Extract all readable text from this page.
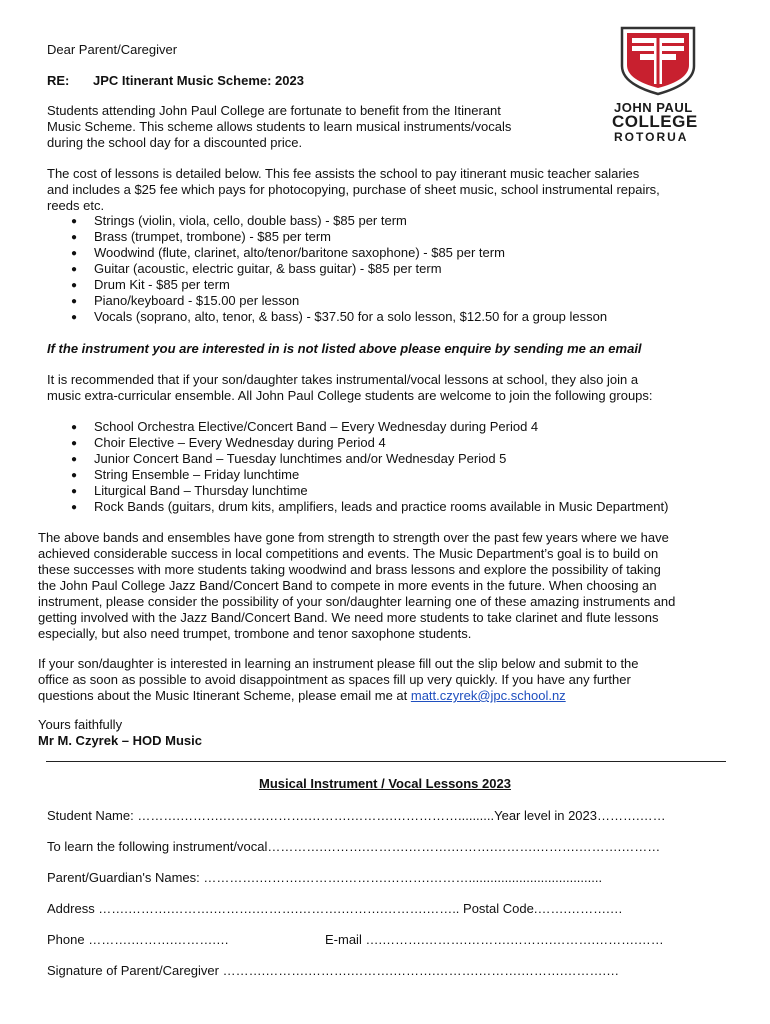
JOHN PAUL
COLLEGE
ROTORUA
Dear Parent/Caregiver
RE: JPC Itinerant Music Scheme: 2023
Students attending John Paul College are fortunate to benefit from the Itinerant
Music Scheme. This scheme allows students to learn musical instruments/vocals
during the school day for a discounted price.
The cost of lessons is detailed below. This fee assists the school to pay itinerant music teacher salaries
and includes a $25 fee which pays for photocopying, purchase of sheet music, school instrumental repairs,
reeds etc.
● Strings (violin, viola, cello, double bass) - $85 per term
● Brass (trumpet, trombone) - $85 per term
● Woodwind (flute, clarinet, alto/tenor/baritone saxophone) - $85 per term
● Guitar (acoustic, electric guitar, & bass guitar) - $85 per term
● Drum Kit - $85 per term
● Piano/keyboard - $15.00 per lesson
● Vocals (soprano, alto, tenor, & bass) - $37.50 for a solo lesson, $12.50 for a group lesson
If the instrument you are interested in is not listed above please enquire by sending me an email
It is recommended that if your son/daughter takes instrumental/vocal lessons at school, they also join a
music extra-curricular ensemble. All John Paul College students are welcome to join the following groups:
● School Orchestra Elective/Concert Band – Every Wednesday during Period 4
● Choir Elective – Every Wednesday during Period 4
● Junior Concert Band – Tuesday lunchtimes and/or Wednesday Period 5
● String Ensemble – Friday lunchtime
● Liturgical Band – Thursday lunchtime
● Rock Bands (guitars, drum kits, amplifiers, leads and practice rooms available in Music Department)
The above bands and ensembles have gone from strength to strength over the past few years where we have
achieved considerable success in local competitions and events. The Music Department’s goal is to build on
these successes with more students taking woodwind and brass lessons and explore the possibility of taking
the John Paul College Jazz Band/Concert Band to compete in more events in the future. When choosing an
instrument, please consider the possibility of your son/daughter learning one of these amazing instruments and
getting involved with the Jazz Band/Concert Band. We need more students to take clarinet and flute lessons
especially, but also need trumpet, trombone and tenor saxophone students.
If your son/daughter is interested in learning an instrument please fill out the slip below and submit to the
office as soon as possible to avoid disappointment as spaces fill up very quickly. If you have any further
questions about the Music Itinerant Scheme, please email me at matt.czyrek@jpc.school.nz
Yours faithfully
Mr M. Czyrek – HOD Music
Musical Instrument / Vocal Lessons 2023
Student Name: ……….……….……….……….……….……….……………..........Year level in 2023……….……
To learn the following instrument/vocal………….……….……….……….……….……….……….……….………
Parent/Guardian's Names: ………….……….……….……….……….……….....................................
Address …….……….……….……….……….……….……….……….…….. Postal Code.…….……….…
Phone ……….……….……….…	E-mail ….……….……….……….……….……….……….……
Signature of Parent/Caregiver ……….……….……….……….……….……….……….……….……….…
